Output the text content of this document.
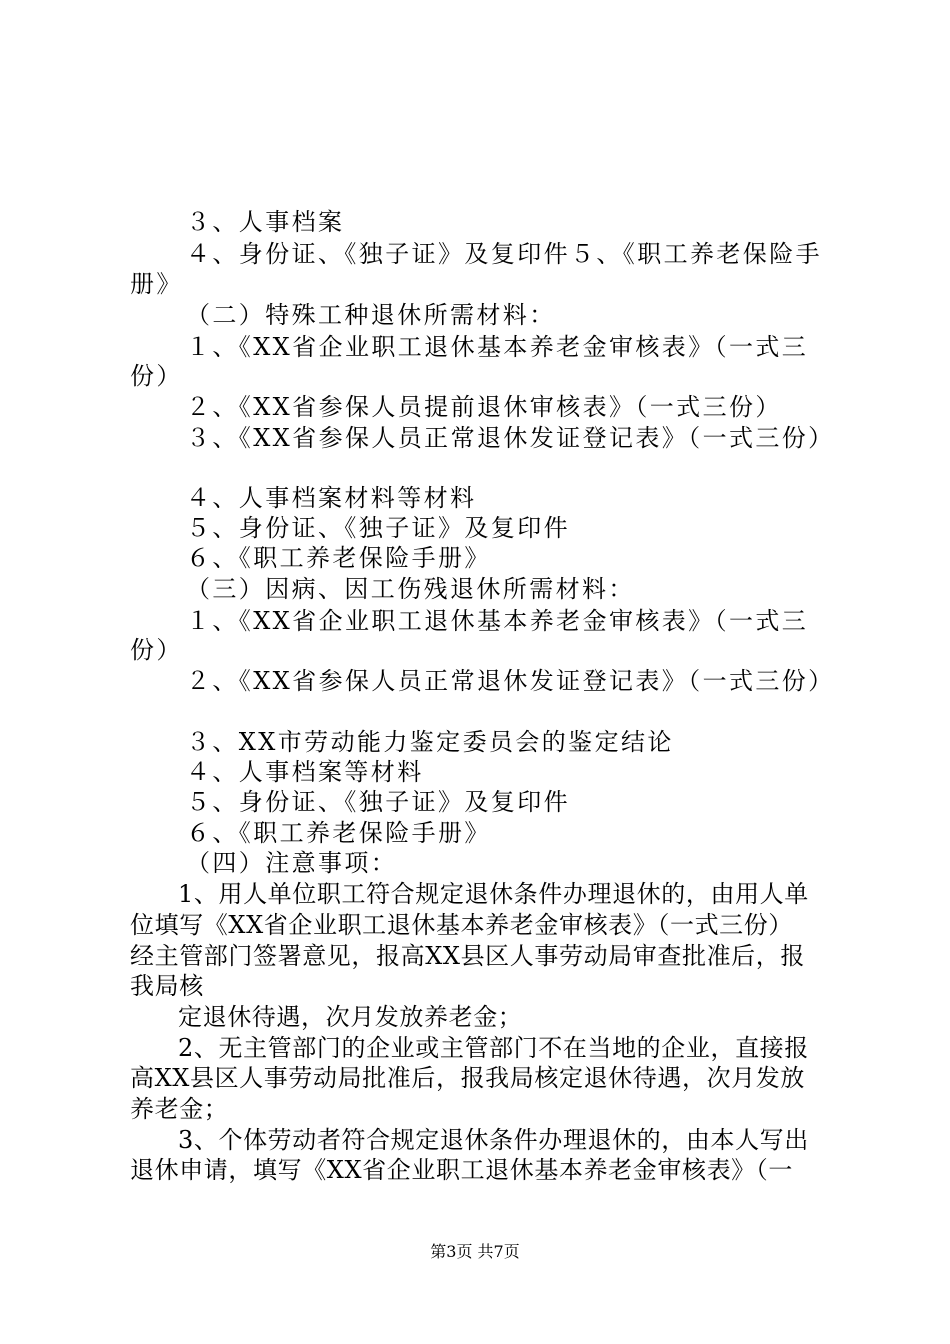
３、人事档案

４、身份证、《独子证》及复印件５、《职工养老保险手

册》

（二）特殊工种退休所需材料：

１、《XX省企业职工退休基本养老金审核表》（一式三

份）

２、《XX省参保人员提前退休审核表》（一式三份）

３、《XX省参保人员正常退休发证登记表》（一式三份）

４、人事档案材料等材料

５、身份证、《独子证》及复印件

６、《职工养老保险手册》

（三）因病、因工伤残退休所需材料：

１、《XX省企业职工退休基本养老金审核表》（一式三

份）

２、《XX省参保人员正常退休发证登记表》（一式三份）

３、XX市劳动能力鉴定委员会的鉴定结论

４、人事档案等材料

５、身份证、《独子证》及复印件

６、《职工养老保险手册》

（四）注意事项：

1、用人单位职工符合规定退休条件办理退休的，由用人单

位填写《XX省企业职工退休基本养老金审核表》（一式三份）

经主管部门签署意见，报高XX县区人事劳动局审查批准后，报

我局核

定退休待遇，次月发放养老金；

2、无主管部门的企业或主管部门不在当地的企业，直接报

高XX县区人事劳动局批准后，报我局核定退休待遇，次月发放

养老金；

3、个体劳动者符合规定退休条件办理退休的，由本人写出

退休申请，填写《XX省企业职工退休基本养老金审核表》（一

第3页 共7页
